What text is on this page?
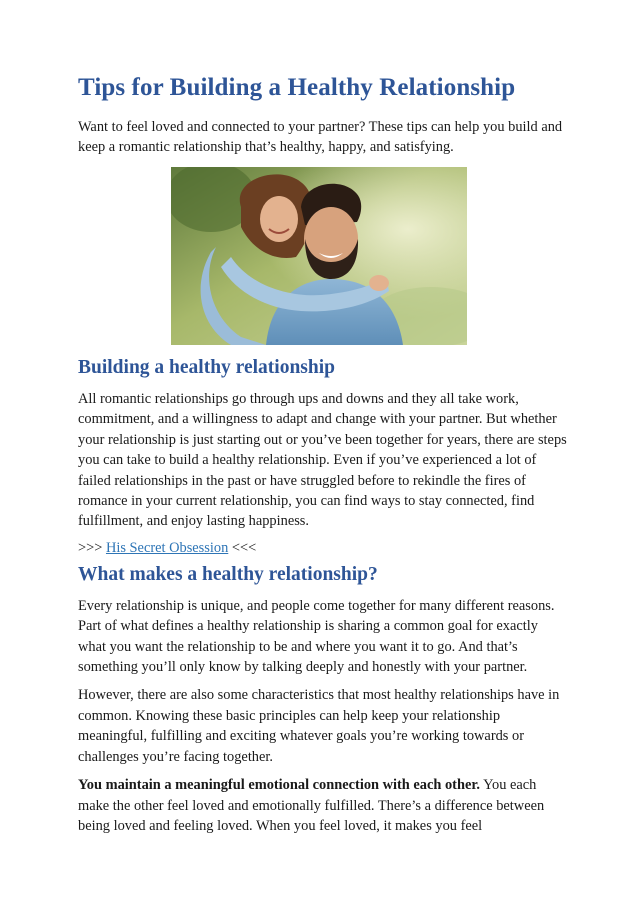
Tips for Building a Healthy Relationship

Want to feel loved and connected to your partner? These tips can help you build and keep a romantic relationship that’s healthy, happy, and satisfying.

Building a healthy relationship

All romantic relationships go through ups and downs and they all take work, commitment, and a willingness to adapt and change with your partner. But whether your relationship is just starting out or you’ve been together for years, there are steps you can take to build a healthy relationship. Even if you’ve experienced a lot of failed relationships in the past or have struggled before to rekindle the fires of romance in your current relationship, you can find ways to stay connected, find fulfillment, and enjoy lasting happiness.

>>> His Secret Obsession <<<

What makes a healthy relationship?

Every relationship is unique, and people come together for many different reasons. Part of what defines a healthy relationship is sharing a common goal for exactly what you want the relationship to be and where you want it to go. And that’s something you’ll only know by talking deeply and honestly with your partner.

However, there are also some characteristics that most healthy relationships have in common. Knowing these basic principles can help keep your relationship meaningful, fulfilling and exciting whatever goals you’re working towards or challenges you’re facing together.

You maintain a meaningful emotional connection with each other. You each make the other feel loved and emotionally fulfilled. There’s a difference between being loved and feeling loved. When you feel loved, it makes you feel
